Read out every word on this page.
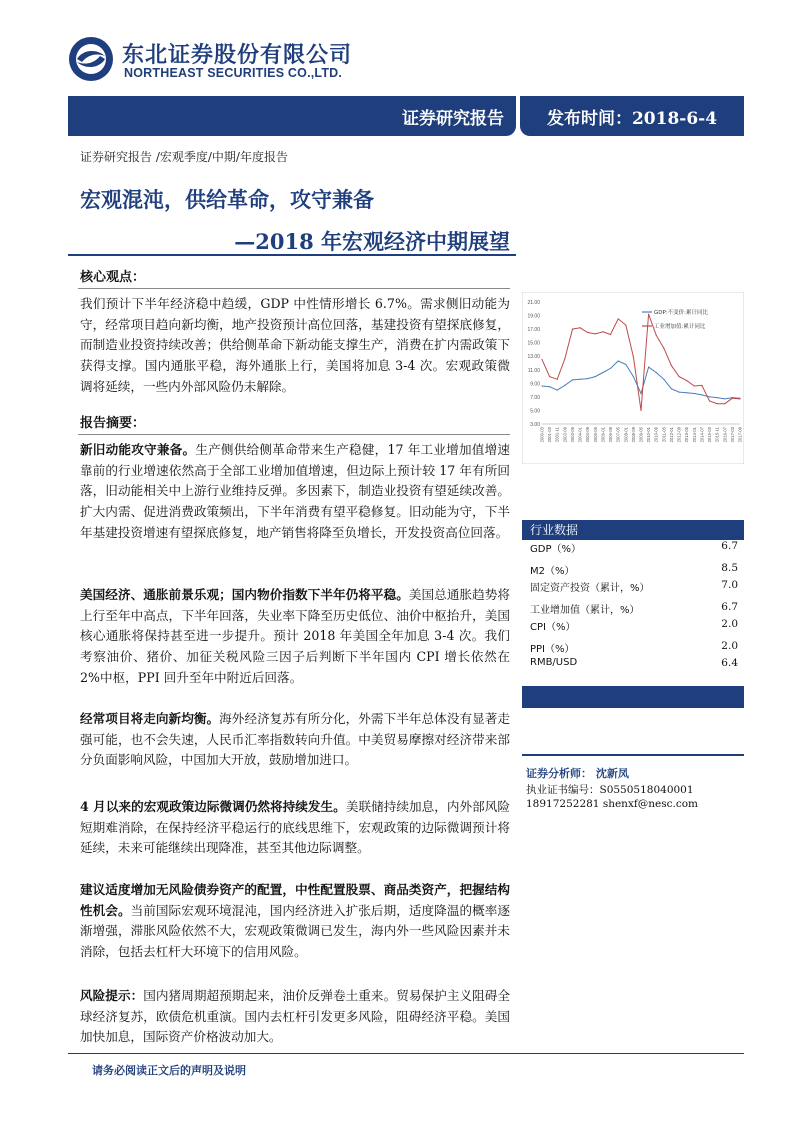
东北证券股份有限公司
NORTHEAST SECURITIES CO.,LTD.
证券研究报告	发布时间：2018-6-4
证券研究报告 /宏观季度/中期/年度报告
宏观混沌，供给革命，攻守兼备
—2018 年宏观经济中期展望
核心观点：
我们预计下半年经济稳中趋缓，GDP 中性情形增长 6.7%。需求侧旧动能为守，经常项目趋向新均衡，地产投资预计高位回落，基建投资有望探底修复，而制造业投资持续改善；供给侧革命下新动能支撑生产，消费在扩内需政策下获得支撑。国内通胀平稳，海外通胀上行，美国将加息 3-4 次。宏观政策微调将延续，一些内外部风险仍未解除。
报告摘要：
新旧动能攻守兼备。生产侧供给侧革命带来生产稳健，17 年工业增加值增速靠前的行业增速依然高于全部工业增加值增速，但边际上预计较 17 年有所回落，旧动能相关中上游行业维持反弹。多因素下，制造业投资有望延续改善。扩大内需、促进消费政策频出，下半年消费有望平稳修复。旧动能为守，下半年基建投资增速有望探底修复，地产销售将降至负增长，开发投资高位回落。
美国经济、通胀前景乐观；国内物价指数下半年仍将平稳。美国总通胀趋势将上行至年中高点，下半年回落，失业率下降至历史低位、油价中枢抬升，美国核心通胀将保持甚至进一步提升。预计 2018 年美国全年加息 3-4 次。我们考察油价、猪价、加征关税风险三因子后判断下半年国内 CPI 增长依然在 2%中枢，PPI 回升至年中附近后回落。
经常项目将走向新均衡。海外经济复苏有所分化，外需下半年总体没有显著走强可能，也不会失速，人民币汇率指数转向升值。中美贸易摩擦对经济带来部分负面影响风险，中国加大开放，鼓励增加进口。
4 月以来的宏观政策边际微调仍然将持续发生。美联储持续加息，内外部风险短期难消除，在保持经济平稳运行的底线思维下，宏观政策的边际微调预计将延续，未来可能继续出现降准，甚至其他边际调整。
建议适度增加无风险债券资产的配置，中性配置股票、商品类资产，把握结构性机会。当前国际宏观环境混沌，国内经济进入扩张后期，适度降温的概率逐渐增强，滞胀风险依然不大，宏观政策微调已发生，海内外一些风险因素并未消除，包括去杠杆大环境下的信用风险。
风险提示：国内猪周期超预期起来，油价反弹卷土重来。贸易保护主义阻碍全球经济复苏，欧债危机重演。国内去杠杆引发更多风险，阻碍经济平稳。美国加快加息，国际资产价格波动加大。
21.00
19.00
17.00
15.00
13.00
11.00
9.00
7.00
5.00
3.00
2000-03 2001-03 2001-11 2002-09 2003-05 2004-01 2004-09 2005-05 2006-01 2006-09 2007-05 2008-01 2008-09 2009-05 2010-01 2010-09 2011-05 2012-01 2012-09 2013-05 2014-01 2014-07 2015-03 2015-11 2016-07 2017-03 2017-09
GDP:不变价:累计同比
工业增加值:累计同比
行业数据
GDP（%）	6.7
M2（%）	8.5
固定资产投资（累计，%）	7.0
工业增加值（累计，%）	6.7
CPI（%）	2.0
PPI（%）	2.0
RMB/USD	6.4
证券分析师： 沈新凤
执业证书编号：S0550518040001
18917252281 shenxf@nesc.com
请务必阅读正文后的声明及说明
